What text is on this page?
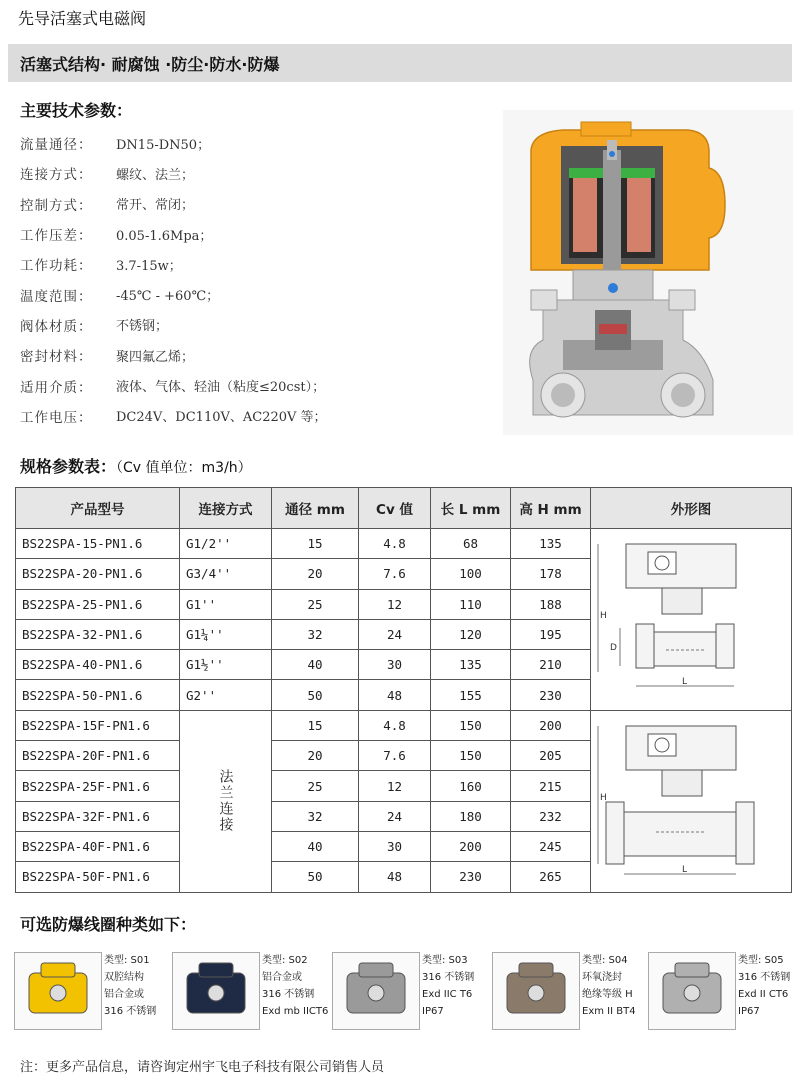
先导活塞式电磁阀
活塞式结构· 耐腐蚀 ·防尘·防水·防爆
主要技术参数：
流量通径：	DN15-DN50；
连接方式：	螺纹、法兰；
控制方式：	常开、常闭；
工作压差：	0.05-1.6Mpa；
工作功耗：	3.7-15w；
温度范围：	-45℃ - +60℃；
阀体材质：	不锈钢；
密封材料：	聚四氟乙烯；
适用介质：	液体、气体、轻油（粘度≤20cst）；
工作电压：	DC24V、DC110V、AC220V 等；
规格参数表：（Cv 值单位：m3/h）
产品型号	连接方式	通径 mm	Cv 值	长 L mm	高 H mm	外形图
BS22SPA-15-PN1.6	G1/2''	15	4.8	68	135	H
L
D

BS22SPA-20-PN1.6	G3/4''	20	7.6	100	178	
BS22SPA-25-PN1.6	G1''	25	12	110	188	
BS22SPA-32-PN1.6	G1¼''	32	24	120	195	
BS22SPA-40-PN1.6	G1½''	40	30	135	210	
BS22SPA-50-PN1.6	G2''	50	48	155	230	
BS22SPA-15F-PN1.6	法兰连接	15	4.8	150	200	H
L

BS22SPA-20F-PN1.6		20	7.6	150	205	
BS22SPA-25F-PN1.6		25	12	160	215	
BS22SPA-32F-PN1.6		32	24	180	232	
BS22SPA-40F-PN1.6		40	30	200	245	
BS22SPA-50F-PN1.6		50	48	230	265	
可选防爆线圈种类如下：
类型: S01
双腔结构
铝合金或
316 不锈钢
类型: S02
铝合金或
316 不锈钢
Exd mb IICT6
类型: S03
316 不锈钢
Exd IIC T6
IP67
类型: S04
环氧浇封
绝缘等级 H
Exm II BT4
类型: S05
316 不锈钢
Exd II CT6
IP67
注：更多产品信息，请咨询定州宇飞电子科技有限公司销售人员
